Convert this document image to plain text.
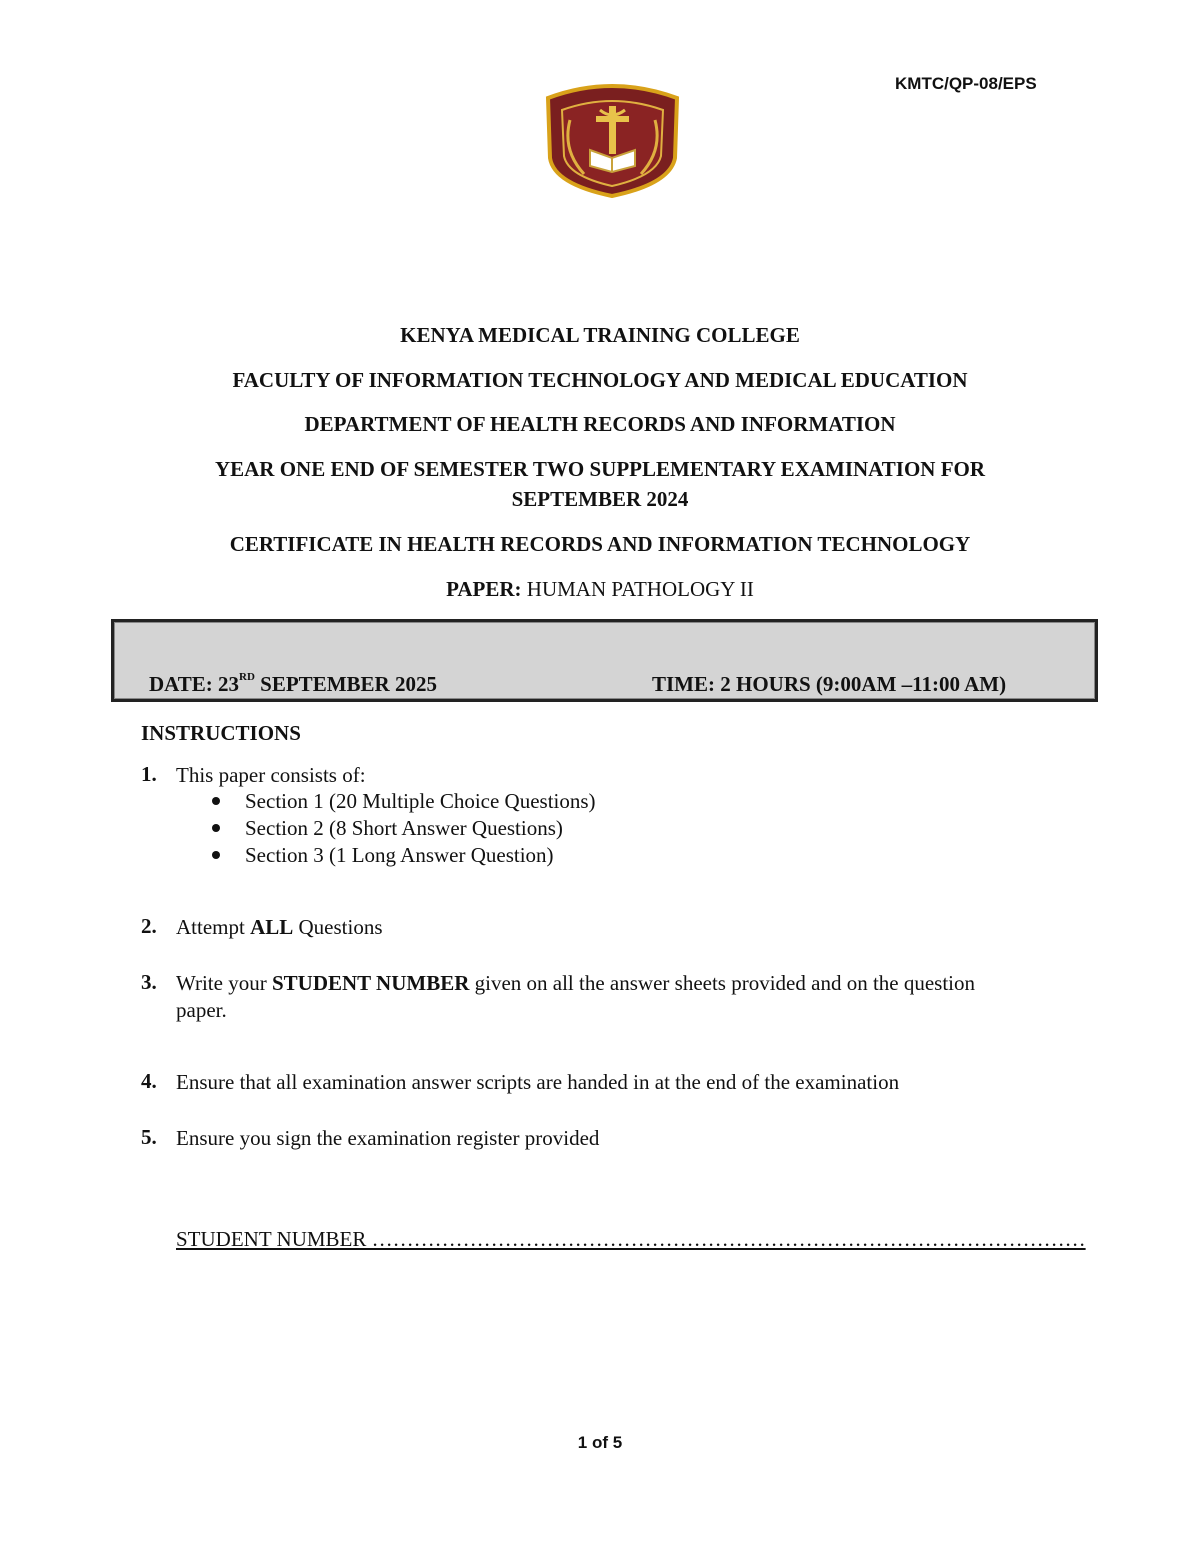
KMTC/QP-08/EPS
KENYA MEDICAL TRAINING COLLEGE
FACULTY OF INFORMATION TECHNOLOGY AND MEDICAL EDUCATION
DEPARTMENT OF HEALTH RECORDS AND INFORMATION
YEAR ONE END OF SEMESTER TWO SUPPLEMENTARY EXAMINATION FOR
SEPTEMBER 2024
CERTIFICATE IN HEALTH RECORDS AND INFORMATION TECHNOLOGY
PAPER: HUMAN PATHOLOGY II
DATE: 23RD SEPTEMBER 2025	TIME: 2 HOURS (9:00AM –11:00 AM)
INSTRUCTIONS
1. This paper consists of:
Section 1 (20 Multiple Choice Questions)
Section 2 (8 Short Answer Questions)
Section 3 (1 Long Answer Question)
2. Attempt ALL Questions
3. Write your STUDENT NUMBER given on all the answer sheets provided and on the question paper.
4. Ensure that all examination answer scripts are handed in at the end of the examination
5. Ensure you sign the examination register provided
STUDENT NUMBER …………………………………………………………………………………………
1 of 5
